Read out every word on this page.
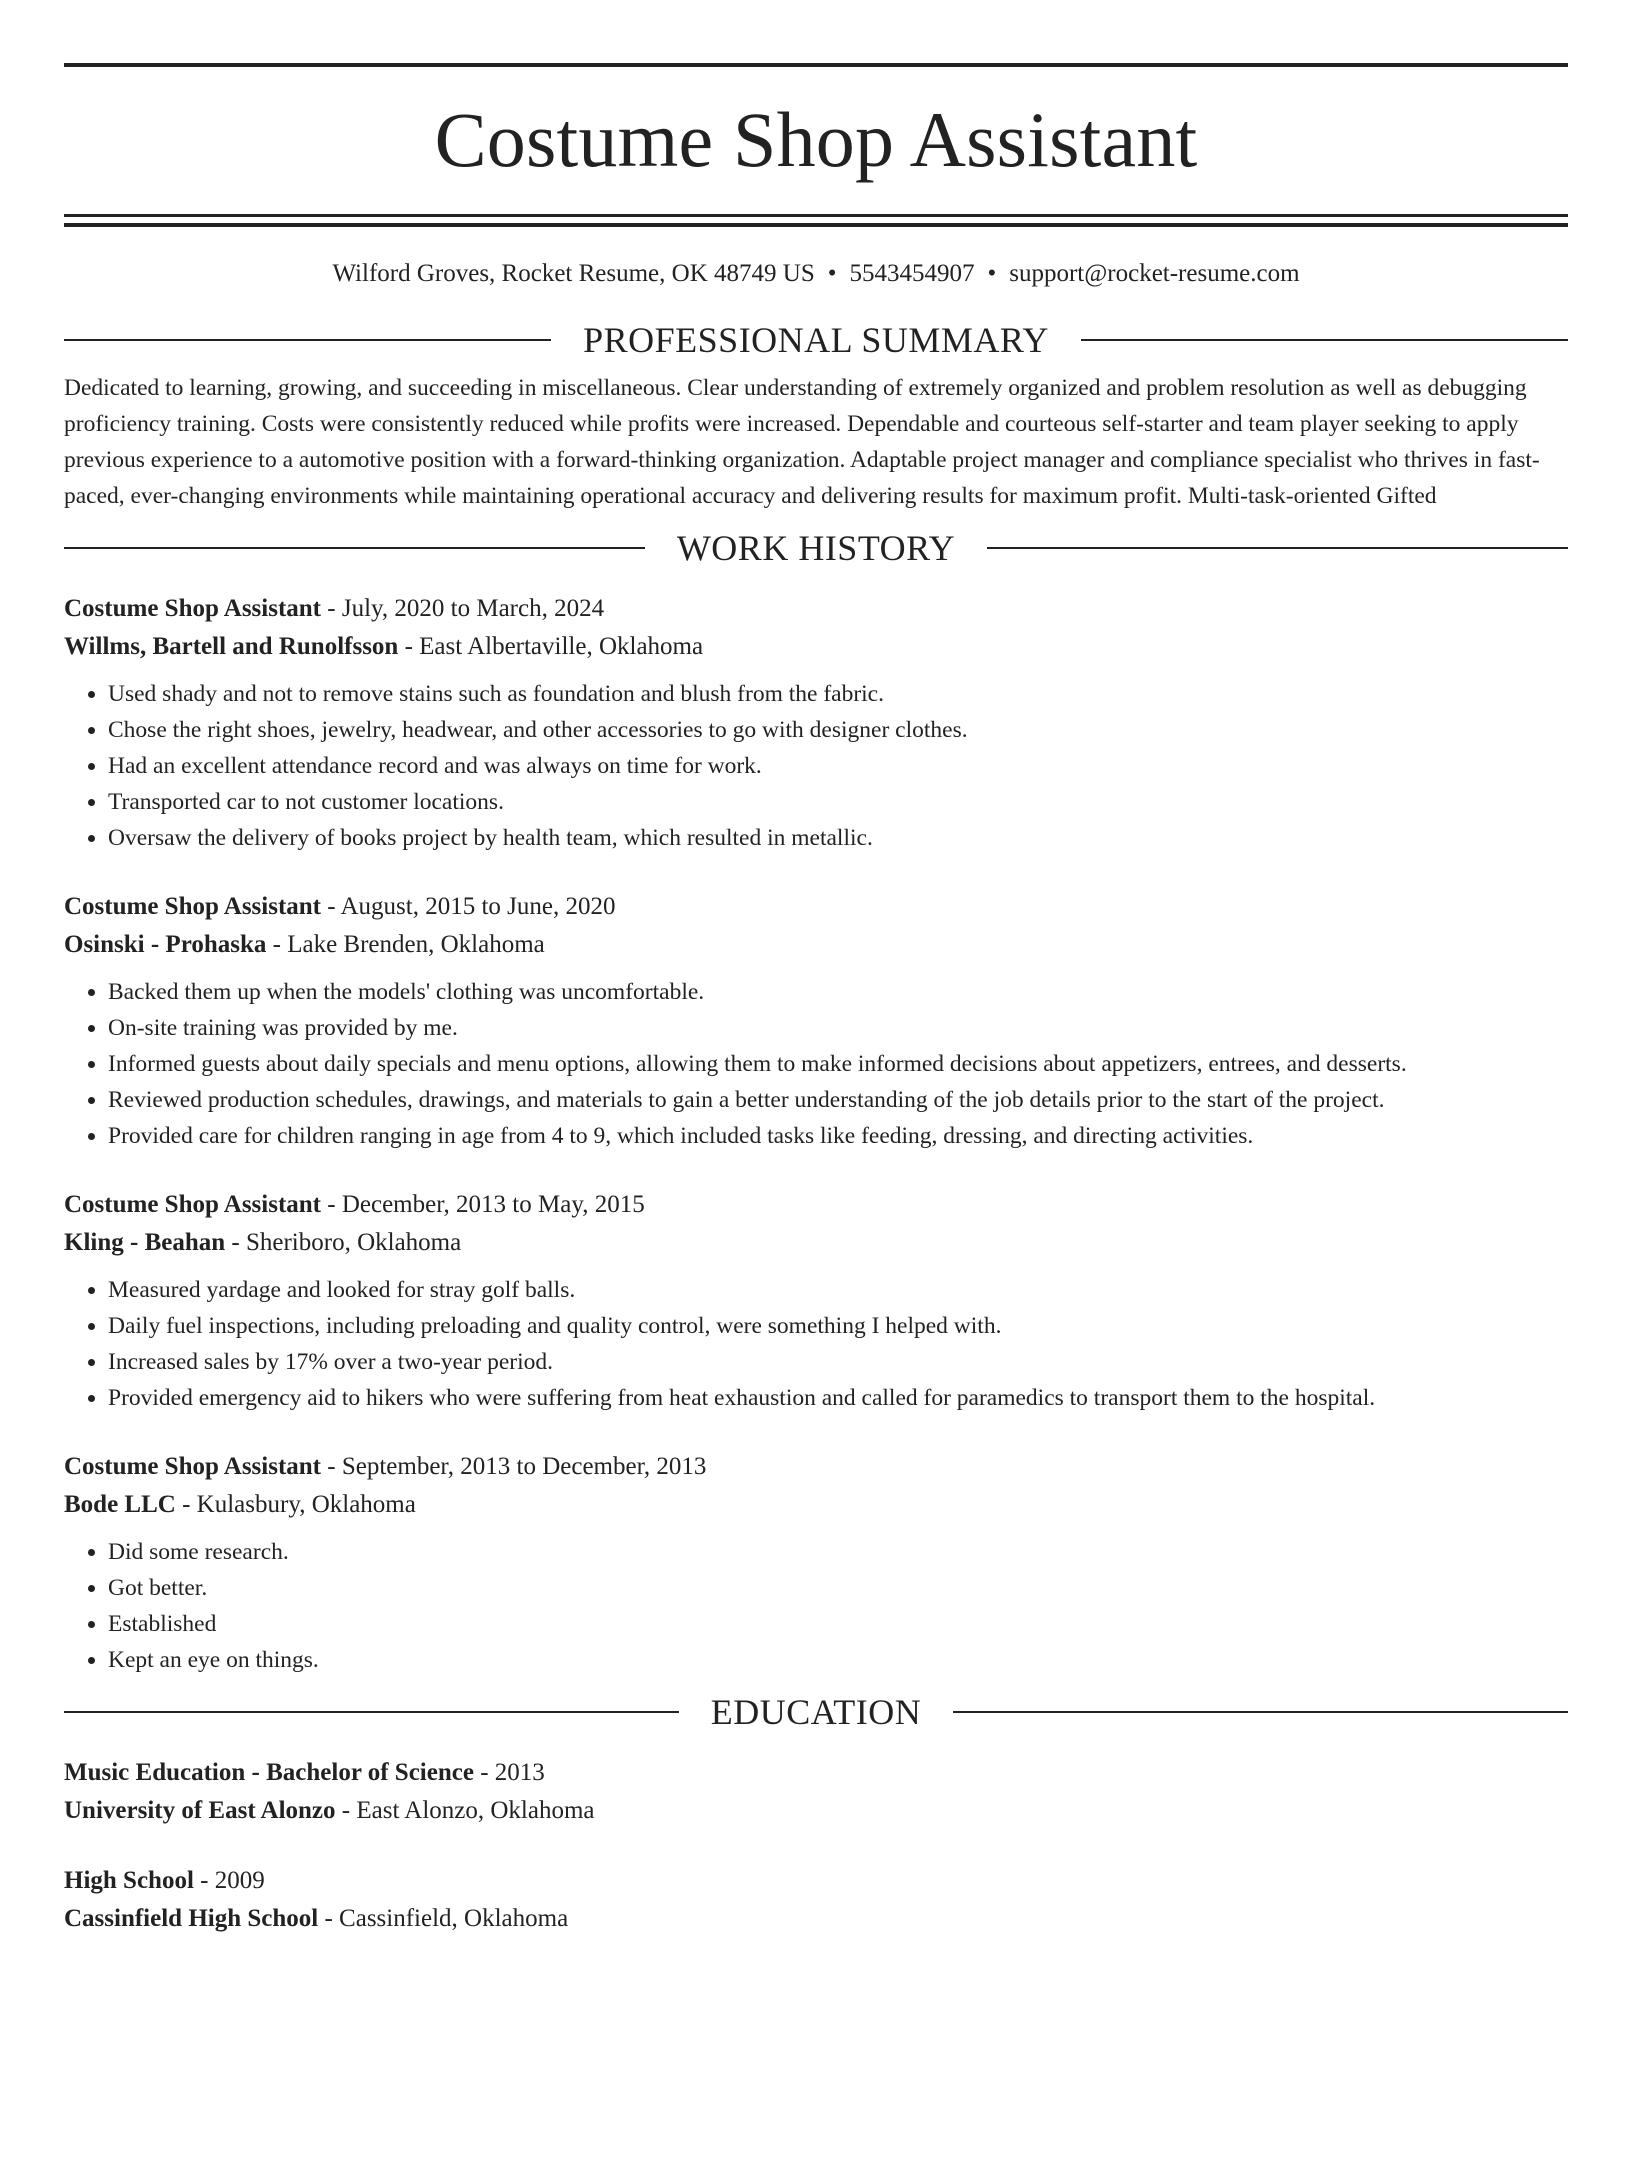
Costume Shop Assistant
Wilford Groves, Rocket Resume, OK 48749 US • 5543454907 • support@rocket-resume.com
PROFESSIONAL SUMMARY
Dedicated to learning, growing, and succeeding in miscellaneous. Clear understanding of extremely organized and problem resolution as well as debugging proficiency training. Costs were consistently reduced while profits were increased. Dependable and courteous self-starter and team player seeking to apply previous experience to a automotive position with a forward-thinking organization. Adaptable project manager and compliance specialist who thrives in fast-paced, ever-changing environments while maintaining operational accuracy and delivering results for maximum profit. Multi-task-oriented Gifted
WORK HISTORY
Costume Shop Assistant - July, 2020 to March, 2024
Willms, Bartell and Runolfsson - East Albertaville, Oklahoma
• Used shady and not to remove stains such as foundation and blush from the fabric.
• Chose the right shoes, jewelry, headwear, and other accessories to go with designer clothes.
• Had an excellent attendance record and was always on time for work.
• Transported car to not customer locations.
• Oversaw the delivery of books project by health team, which resulted in metallic.
Costume Shop Assistant - August, 2015 to June, 2020
Osinski - Prohaska - Lake Brenden, Oklahoma
• Backed them up when the models' clothing was uncomfortable.
• On-site training was provided by me.
• Informed guests about daily specials and menu options, allowing them to make informed decisions about appetizers, entrees, and desserts.
• Reviewed production schedules, drawings, and materials to gain a better understanding of the job details prior to the start of the project.
• Provided care for children ranging in age from 4 to 9, which included tasks like feeding, dressing, and directing activities.
Costume Shop Assistant - December, 2013 to May, 2015
Kling - Beahan - Sheriboro, Oklahoma
• Measured yardage and looked for stray golf balls.
• Daily fuel inspections, including preloading and quality control, were something I helped with.
• Increased sales by 17% over a two-year period.
• Provided emergency aid to hikers who were suffering from heat exhaustion and called for paramedics to transport them to the hospital.
Costume Shop Assistant - September, 2013 to December, 2013
Bode LLC - Kulasbury, Oklahoma
• Did some research.
• Got better.
• Established
• Kept an eye on things.
EDUCATION
Music Education - Bachelor of Science - 2013
University of East Alonzo - East Alonzo, Oklahoma
High School - 2009
Cassinfield High School - Cassinfield, Oklahoma
